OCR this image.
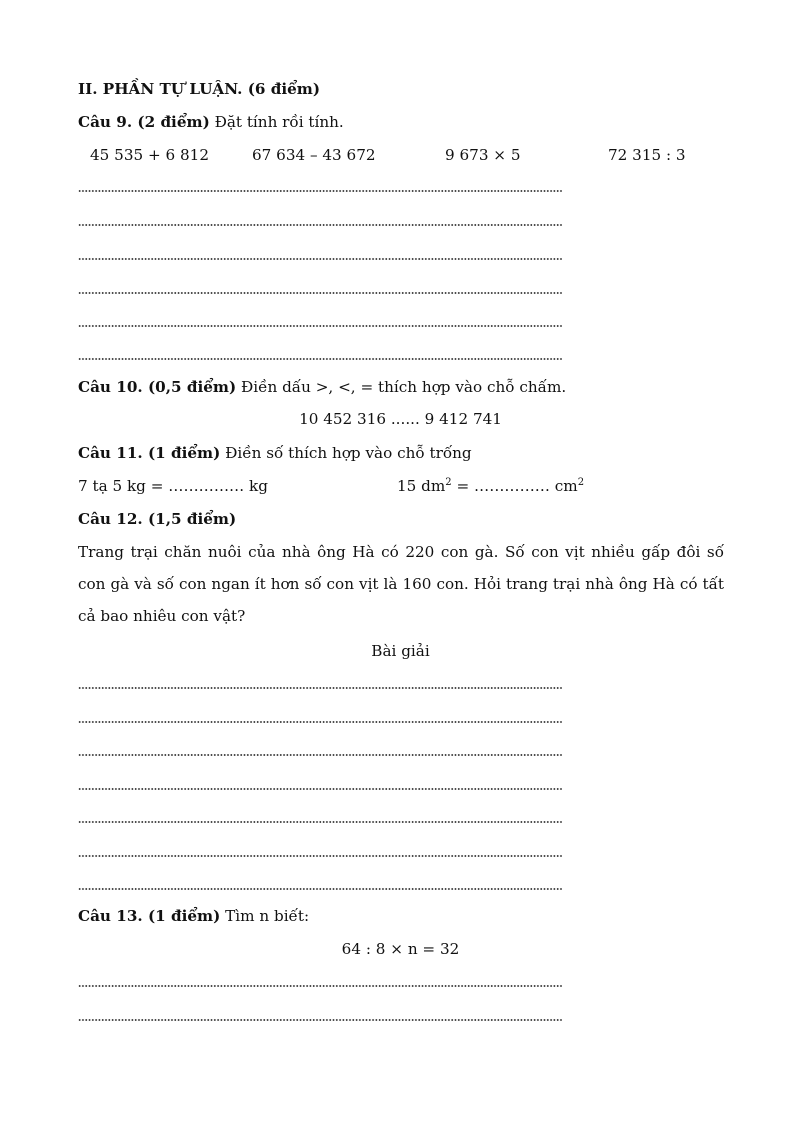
II. PHẦN TỰ LUẬN. (6 điểm)
Câu 9. (2 điểm) Đặt tính rồi tính.
45 535 + 6 812	67 634 – 43 672	9 673 × 5	72 315 : 3
Câu 10. (0,5 điểm) Điền dấu >, <, = thích hợp vào chỗ chấm.
10 452 316 ...... 9 412 741
Câu 11. (1 điểm) Điền số thích hợp vào chỗ trống
7 tạ 5 kg = …………… kg	15 $dm^2$ = …………… $cm^2$
Câu 12. (1,5 điểm)
Trang trại chăn nuôi của nhà ông Hà có 220 con gà. Số con vịt nhiều gấp đôi số con gà và số con ngan ít hơn số con vịt là 160 con. Hỏi trang trại nhà ông Hà có tất cả bao nhiêu con vật?
Bài giải
Câu 13. (1 điểm) Tìm n biết:
64 : 8 × n = 32
